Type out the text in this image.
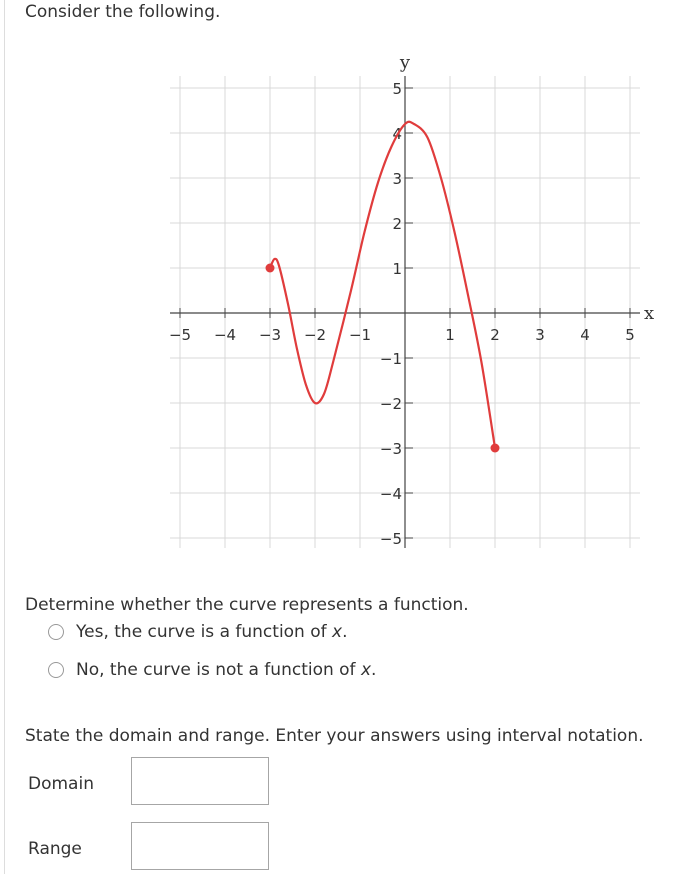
Consider the following.
x
y
−5 −4 −3 −2 −1	1 2 3 4 5
5
4
3
2
1
−1
−2
−3
−4
−5
Determine whether the curve represents a function.
Yes, the curve is a function of x.
No, the curve is not a function of x.
State the domain and range. Enter your answers using interval notation.
Domain
Range
